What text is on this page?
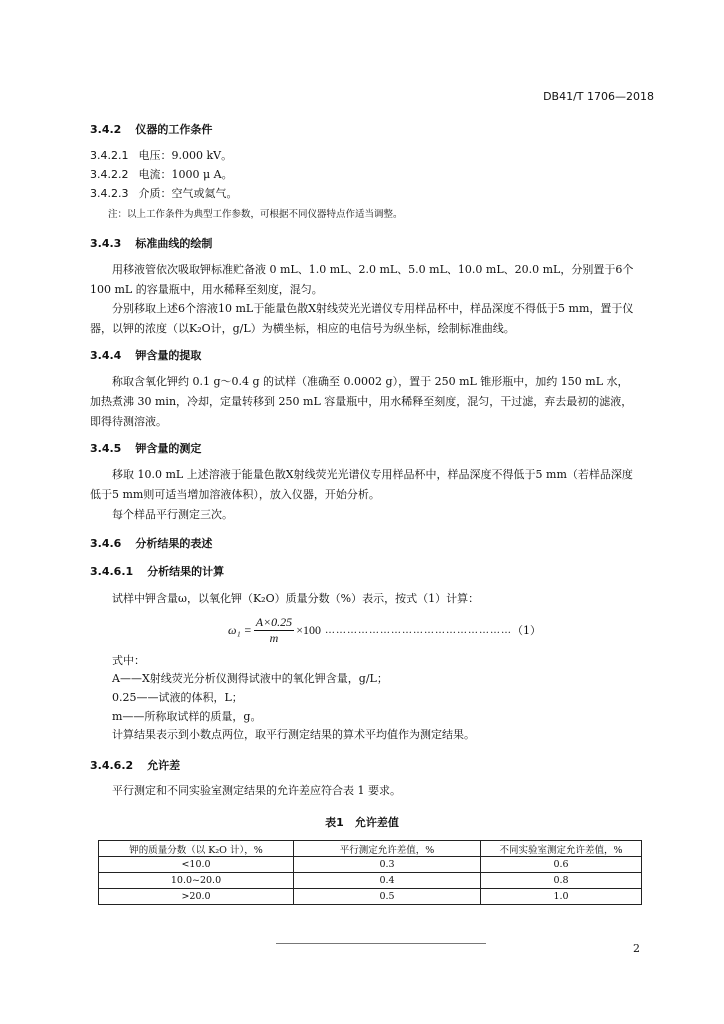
DB41/T 1706—2018
3.4.2 仪器的工作条件
3.4.2.1 电压：9.000 kV。
3.4.2.2 电流：1000 μ A。
3.4.2.3 介质：空气或氦气。
注：以上工作条件为典型工作参数，可根据不同仪器特点作适当调整。
3.4.3 标准曲线的绘制
用移液管依次吸取钾标准贮备液 0 mL、1.0 mL、2.0 mL、5.0 mL、10.0 mL、20.0 mL，分别置于6个100 mL 的容量瓶中，用水稀释至刻度，混匀。
分别移取上述6个溶液10 mL于能量色散X射线荧光光谱仪专用样品杯中，样品深度不得低于5 mm，置于仪器，以钾的浓度（以K₂O计，g/L）为横坐标，相应的电信号为纵坐标，绘制标准曲线。
3.4.4 钾含量的提取
称取含氧化钾约 0.1 g～0.4 g 的试样（准确至 0.0002 g），置于 250 mL 锥形瓶中，加约 150 mL 水，加热煮沸 30 min，冷却，定量转移到 250 mL 容量瓶中，用水稀释至刻度，混匀，干过滤，弃去最初的滤液，即得待测溶液。
3.4.5 钾含量的测定
移取 10.0 mL 上述溶液于能量色散X射线荧光光谱仪专用样品杯中，样品深度不得低于5 mm（若样品深度低于5 mm则可适当增加溶液体积），放入仪器，开始分析。
每个样品平行测定三次。
3.4.6 分析结果的表述
3.4.6.1 分析结果的计算
试样中钾含量ω，以氧化钾（K₂O）质量分数（%）表示，按式（1）计算：
$\omega_1 = \frac{A\times 0.25}{m} \times 100$ …………………………………………… （1）
式中：
A——X射线荧光分析仪测得试液中的氧化钾含量，g/L；
0.25——试液的体积，L；
m——所称取试样的质量，g。
计算结果表示到小数点两位，取平行测定结果的算术平均值作为测定结果。
3.4.6.2 允许差
平行测定和不同实验室测定结果的允许差应符合表 1 要求。
表1　允许差值
钾的质量分数（以 K₂O 计），%	平行测定允许差值，%	不同实验室测定允许差值，%
<10.0	0.3	0.6
10.0~20.0	0.4	0.8
>20.0	0.5	1.0
2
